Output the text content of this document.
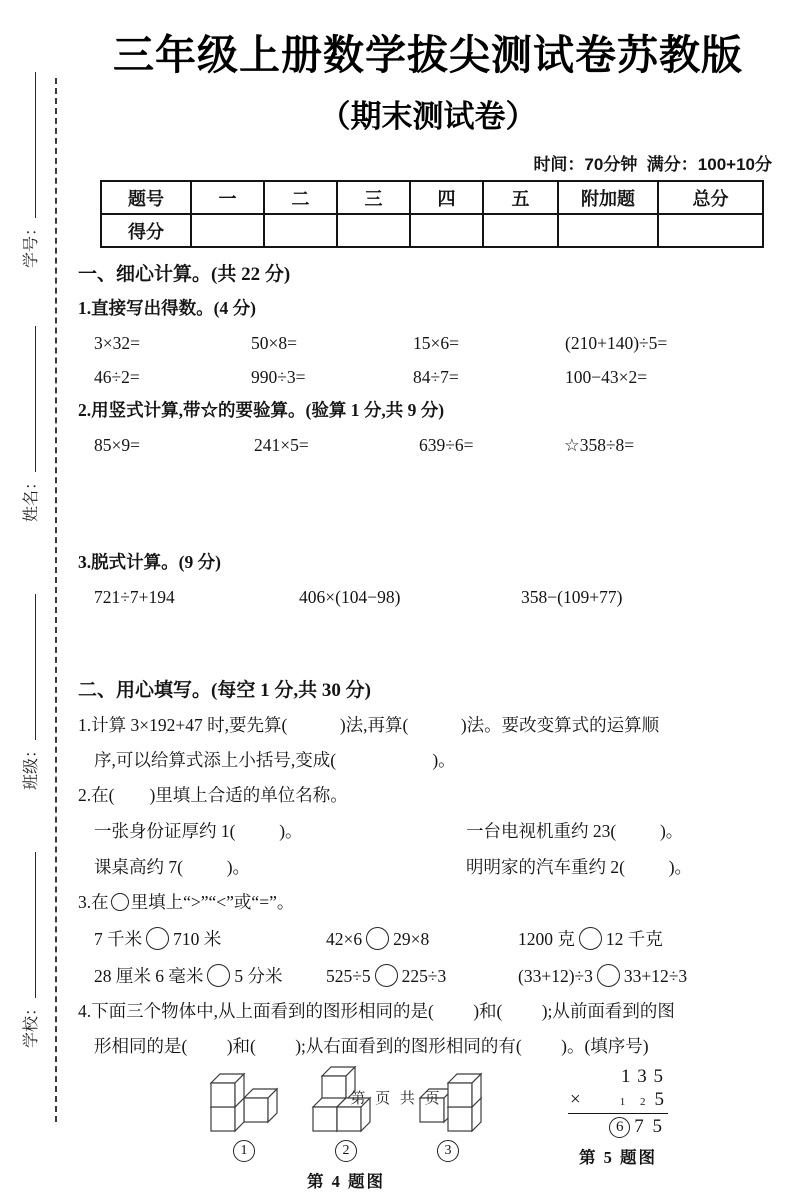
学号：
姓名：
班级：
学校：
三年级上册数学拔尖测试卷苏教版
（期末测试卷）
时间：70分钟  满分：100+10分
题号	一	二	三	四	五	附加题	总分
得分							
一、细心计算。(共 22 分)
1.直接写出得数。(4 分)
3×32=	50×8=	15×6=	(210+140)÷5=
46÷2=	990÷3=	84÷7=	100−43×2=
2.用竖式计算,带☆的要验算。(验算 1 分,共 9 分)
85×9=	241×5=	639÷6=	☆358÷8=
3.脱式计算。(9 分)
721÷7+194	406×(104−98)	358−(109+77)
二、用心填写。(每空 1 分,共 30 分)
1.计算 3×192+47 时,要先算(            )法,再算(            )法。要改变算式的运算顺
序,可以给算式添上小括号,变成(                      )。
2.在(        )里填上合适的单位名称。
一张身份证厚约 1(          )。	一台电视机重约 23(          )。
课桌高约 7(          )。	明明家的汽车重约 2(          )。
3.在 里填上“>”“<”或“=”。
7 千米 710 米	42×6 29×8	1200 克 12 千克
28 厘米 6 毫米 5 分米	525÷5 225÷3	(33+12)÷3 33+12÷3
4.下面三个物体中,从上面看到的图形相同的是(         )和(         );从前面看到的图
形相同的是(         )和(         );从右面看到的图形相同的有(         )。(填序号)
1	2	3
第 4 题图
1 3 5
×	1 2 5
6 7 5
第 5 题图
第 页 共 页
